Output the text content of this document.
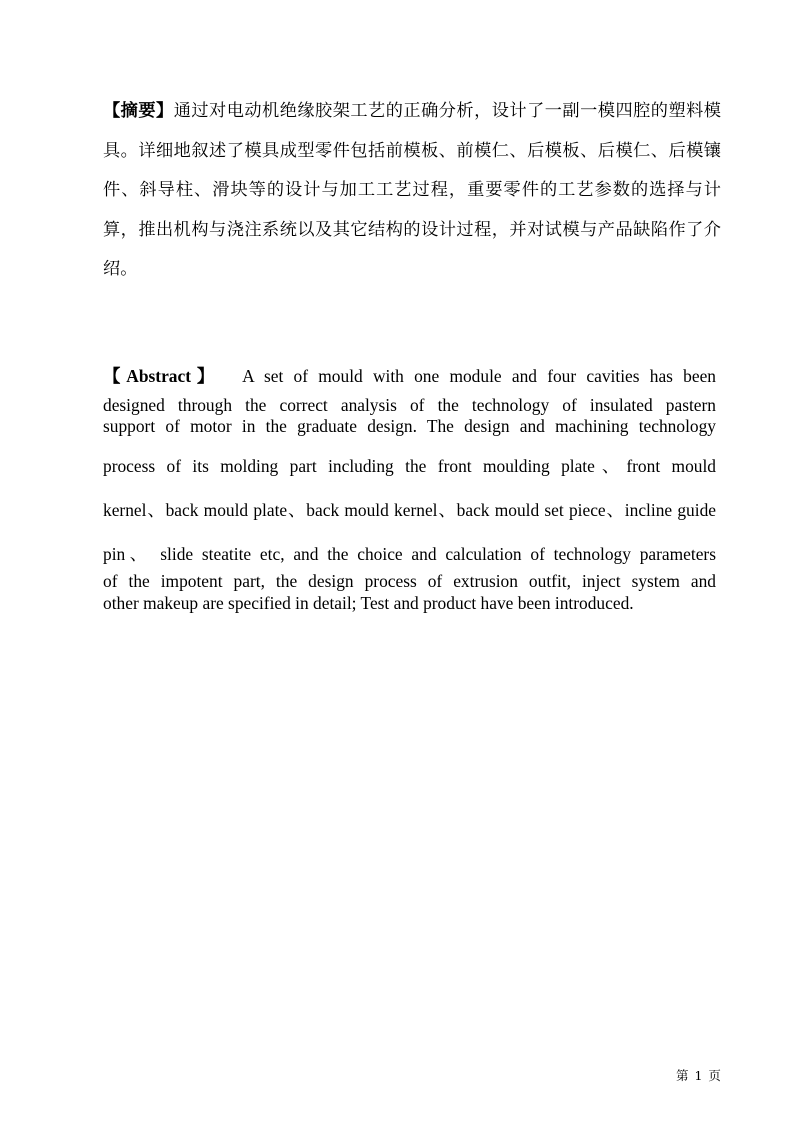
【摘要】通过对电动机绝缘胶架工艺的正确分析，设计了一副一模四腔的塑料模具。详细地叙述了模具成型零件包括前模板、前模仁、后模板、后模仁、后模镶件、斜导柱、滑块等的设计与加工工艺过程，重要零件的工艺参数的选择与计算，推出机构与浇注系统以及其它结构的设计过程，并对试模与产品缺陷作了介绍。

【Abstract】 A set of mould with one module and four cavities has been
designed through the correct analysis of the technology of insulated pastern
support of motor in the graduate design. The design and machining technology
process of its molding part including the front moulding plate、front mould
kernel、back mould plate、back mould kernel、back mould set piece、incline guide
pin、 slide steatite etc, and the choice and calculation of technology parameters
of the impotent part, the design process of extrusion outfit, inject system and
other makeup are specified in detail; Test and product have been introduced.
第 1 页
